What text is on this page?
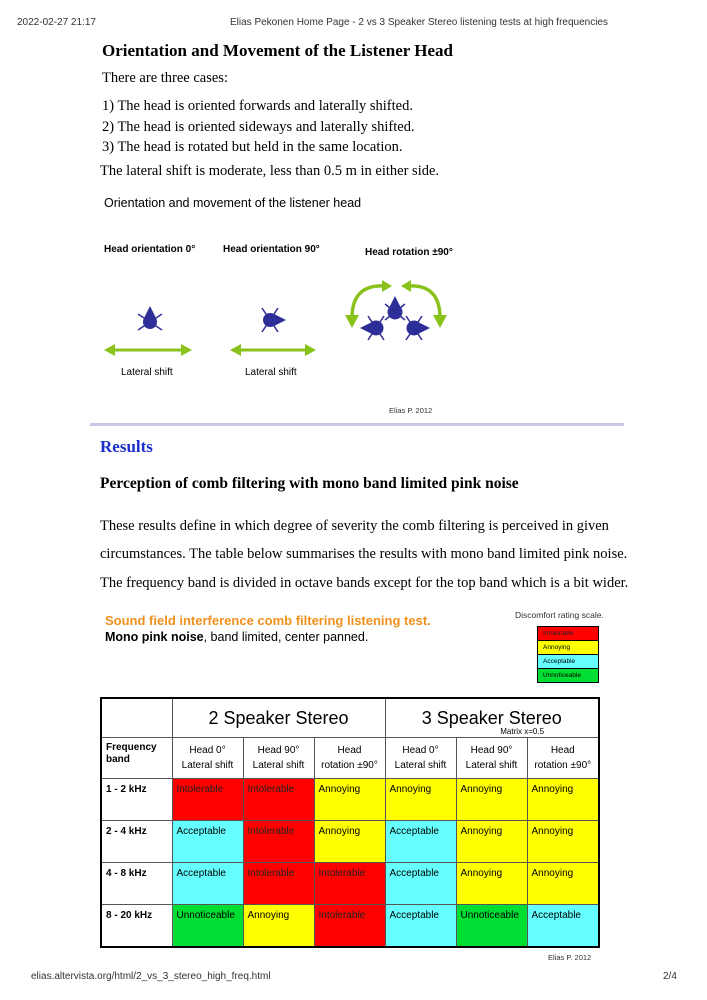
2022-02-27 21:17	Elias Pekonen Home Page - 2 vs 3 Speaker Stereo listening tests at high frequencies
Orientation and Movement of the Listener Head

There are three cases:

1) The head is oriented forwards and laterally shifted.
2) The head is oriented sideways and laterally shifted.
3) The head is rotated but held in the same location.

The lateral shift is moderate, less than 0.5 m in either side.

Orientation and movement of the listener head
Head orientation 0°	Head orientation 90°	Head rotation ±90°
Lateral shift	Lateral shift
Elias P. 2012
Results
Perception of comb filtering with mono band limited pink noise
These results define in which degree of severity the comb filtering is perceived in given
circumstances. The table below summarises the results with mono band limited pink noise.
The frequency band is divided in octave bands except for the top band which is a bit wider.
Sound field interference comb filtering listening test.
Mono pink noise, band limited, center panned.
Discomfort rating scale.
Intolerable
Annoying
Acceptable
Unnoticeable
	2 Speaker Stereo			3 Speaker Stereo
Matrix x=0.5		

Frequency
band	Head 0°
Lateral shift	Head 90°
Lateral shift	Head
rotation ±90°	Head 0°
Lateral shift	Head 90°
Lateral shift	Head
rotation ±90°
1 - 2 kHz	Intolerable	Intolerable	Annoying	Annoying	Annoying	Annoying
2 - 4 kHz	Acceptable	Intolerable	Annoying	Acceptable	Annoying	Annoying
4 - 8 kHz	Acceptable	Intolerable	Intolerable	Acceptable	Annoying	Annoying
8 - 20 kHz	Unnoticeable	Annoying	Intolerable	Acceptable	Unnoticeable	Acceptable
Elias P. 2012
elias.altervista.org/html/2_vs_3_stereo_high_freq.html	2/4
